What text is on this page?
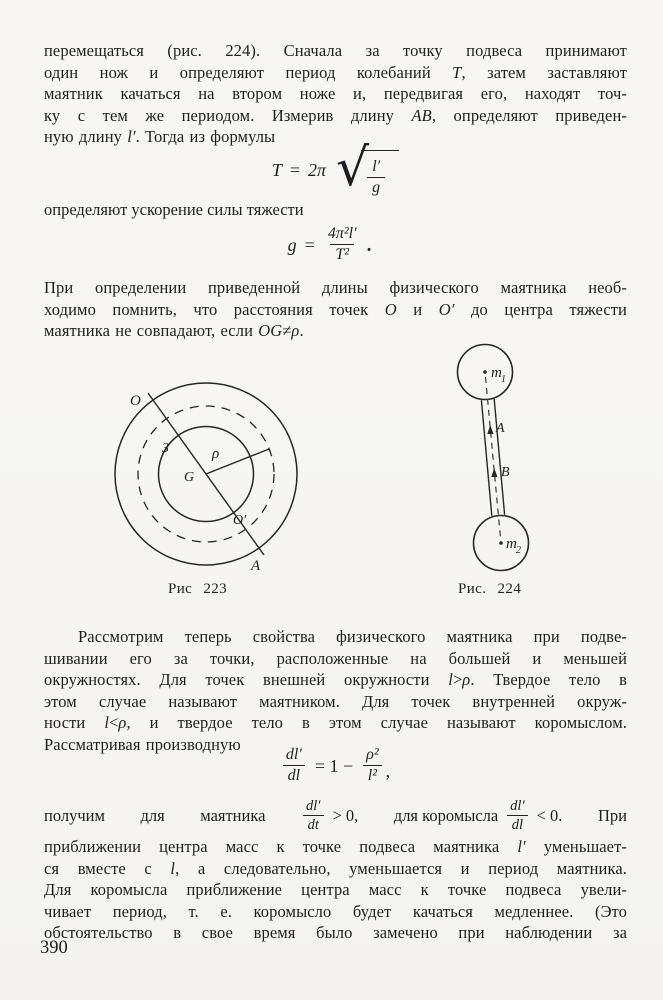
перемещаться (рис. 224). Сначала за точку подвеса принимают
один нож и определяют период колебаний T, затем заставляют
маятник качаться на втором ноже и, передвигая его, находят точ-
ку с тем же периодом. Измерив длину AB, определяют приведен-
ную длину l′. Тогда из формулы
T = 2π √
$\frac{l'}{g}$
определяют ускорение силы тяжести
$g = \frac{\text{4π²l′}}{\text{T²}}$ .
При определении приведенной длины физического маятника необ-
ходимо помнить, что расстояния точек O и O′ до центра тяжести
маятника не совпадают, если OG≠ρ.
O
З
G
ρ
O′
A
m 1
A
B
m 2
Рис 223	Рис. 224
Рассмотрим теперь свойства физического маятника при подве-
шивании его за точки, расположенные на большей и меньшей
окружностях. Для точек внешней окружности l>ρ. Твердое тело в
этом случае называют маятником. Для точек внутренней окруж-
ности l<ρ, и твердое тело в этом случае называют коромыслом.
Рассматривая производную
$\frac{dl'}{dl} = 1 - \frac{\text{ρ²}}{\text{l²}}$ ,
получим для маятника $\frac{dl'}{dt} > 0$, для коромысла $\frac{dl'}{dl} < 0$. При
приближении центра масс к точке подвеса маятника l′ уменьшает-
ся вместе с l, а следовательно, уменьшается и период маятника.
Для коромысла приближение центра масс к точке подвеса увели-
чивает период, т. е. коромысло будет качаться медленнее. (Это
обстоятельство в свое время было замечено при наблюдении за
390
